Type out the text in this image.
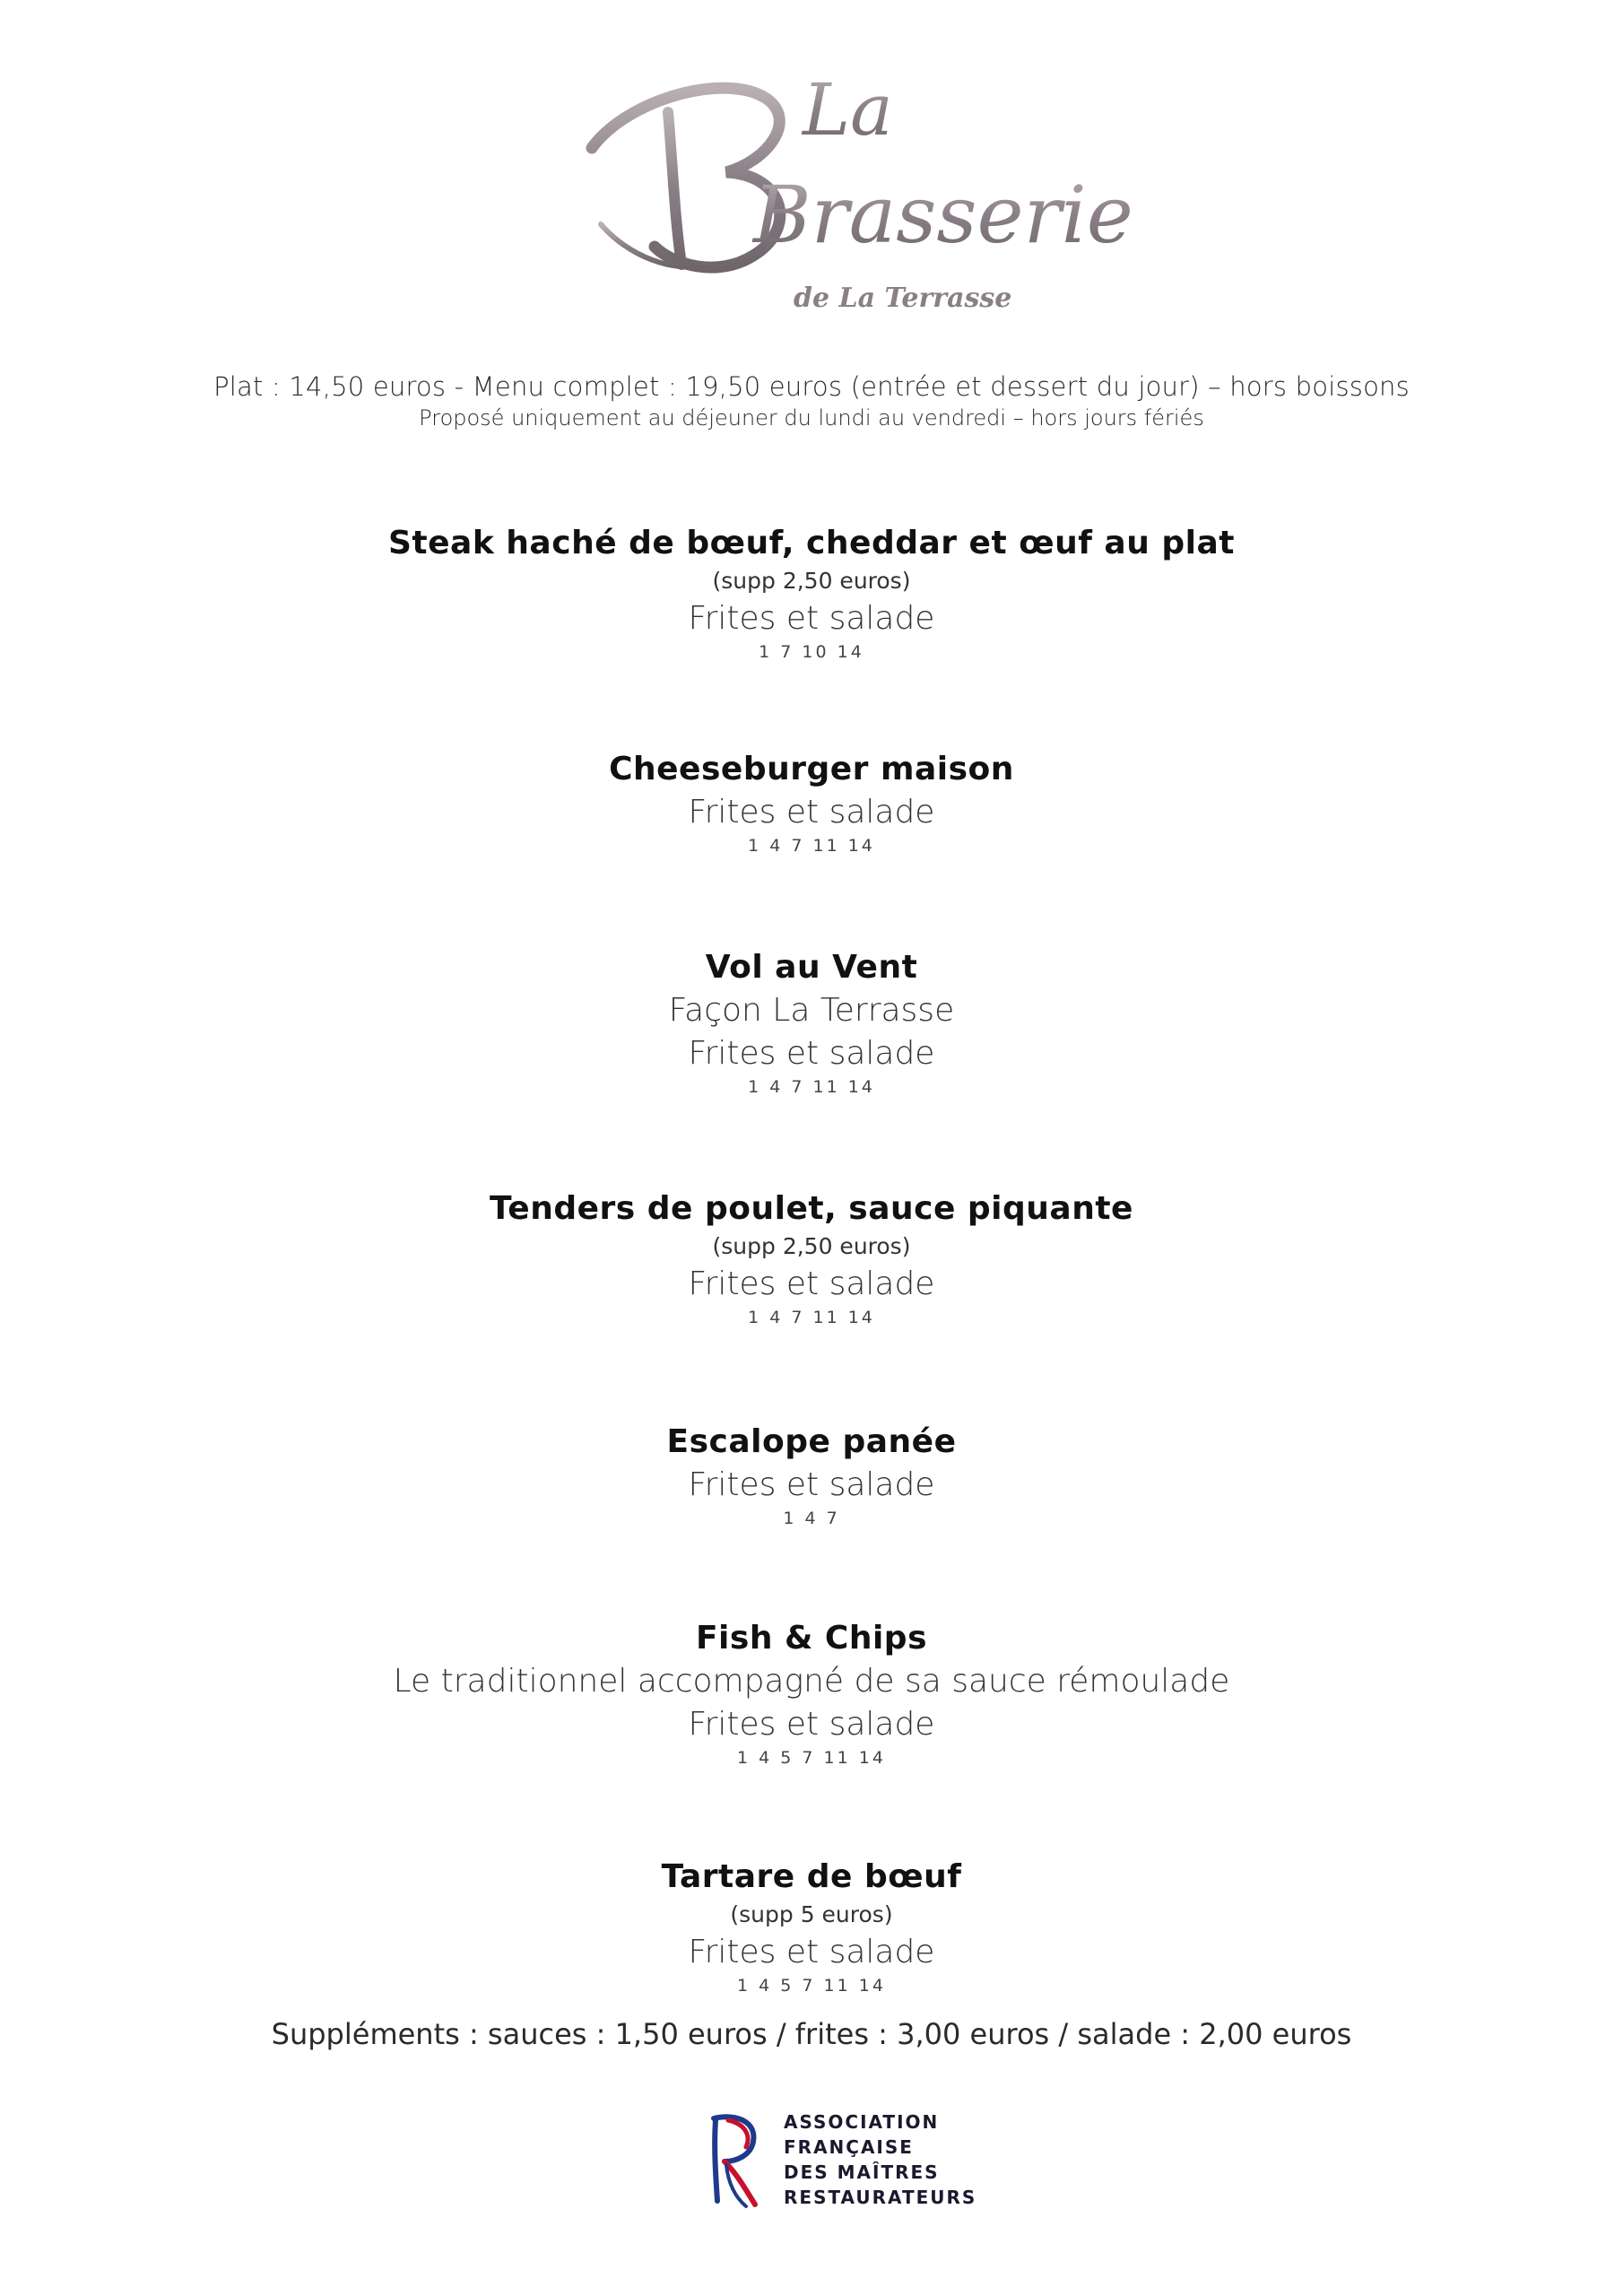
La
Brasserie
de La Terrasse
Plat : 14,50 euros - Menu complet : 19,50 euros (entrée et dessert du jour) – hors boissons
Proposé uniquement au déjeuner du lundi au vendredi – hors jours fériés
Steak haché de bœuf, cheddar et œuf au plat
(supp 2,50 euros)
Frites et salade
1 7 10 14
Cheeseburger maison
Frites et salade
1 4 7 11 14
Vol au Vent
Façon La Terrasse
Frites et salade
1 4 7 11 14
Tenders de poulet, sauce piquante
(supp 2,50 euros)
Frites et salade
1 4 7 11 14
Escalope panée
Frites et salade
1 4 7
Fish & Chips
Le traditionnel accompagné de sa sauce rémoulade
Frites et salade
1 4 5 7 11 14
Tartare de bœuf
(supp 5 euros)
Frites et salade
1 4 5 7 11 14
Suppléments : sauces : 1,50 euros / frites : 3,00 euros / salade : 2,00 euros
ASSOCIATION
FRANÇAISE
DES MAÎTRES
RESTAURATEURS
